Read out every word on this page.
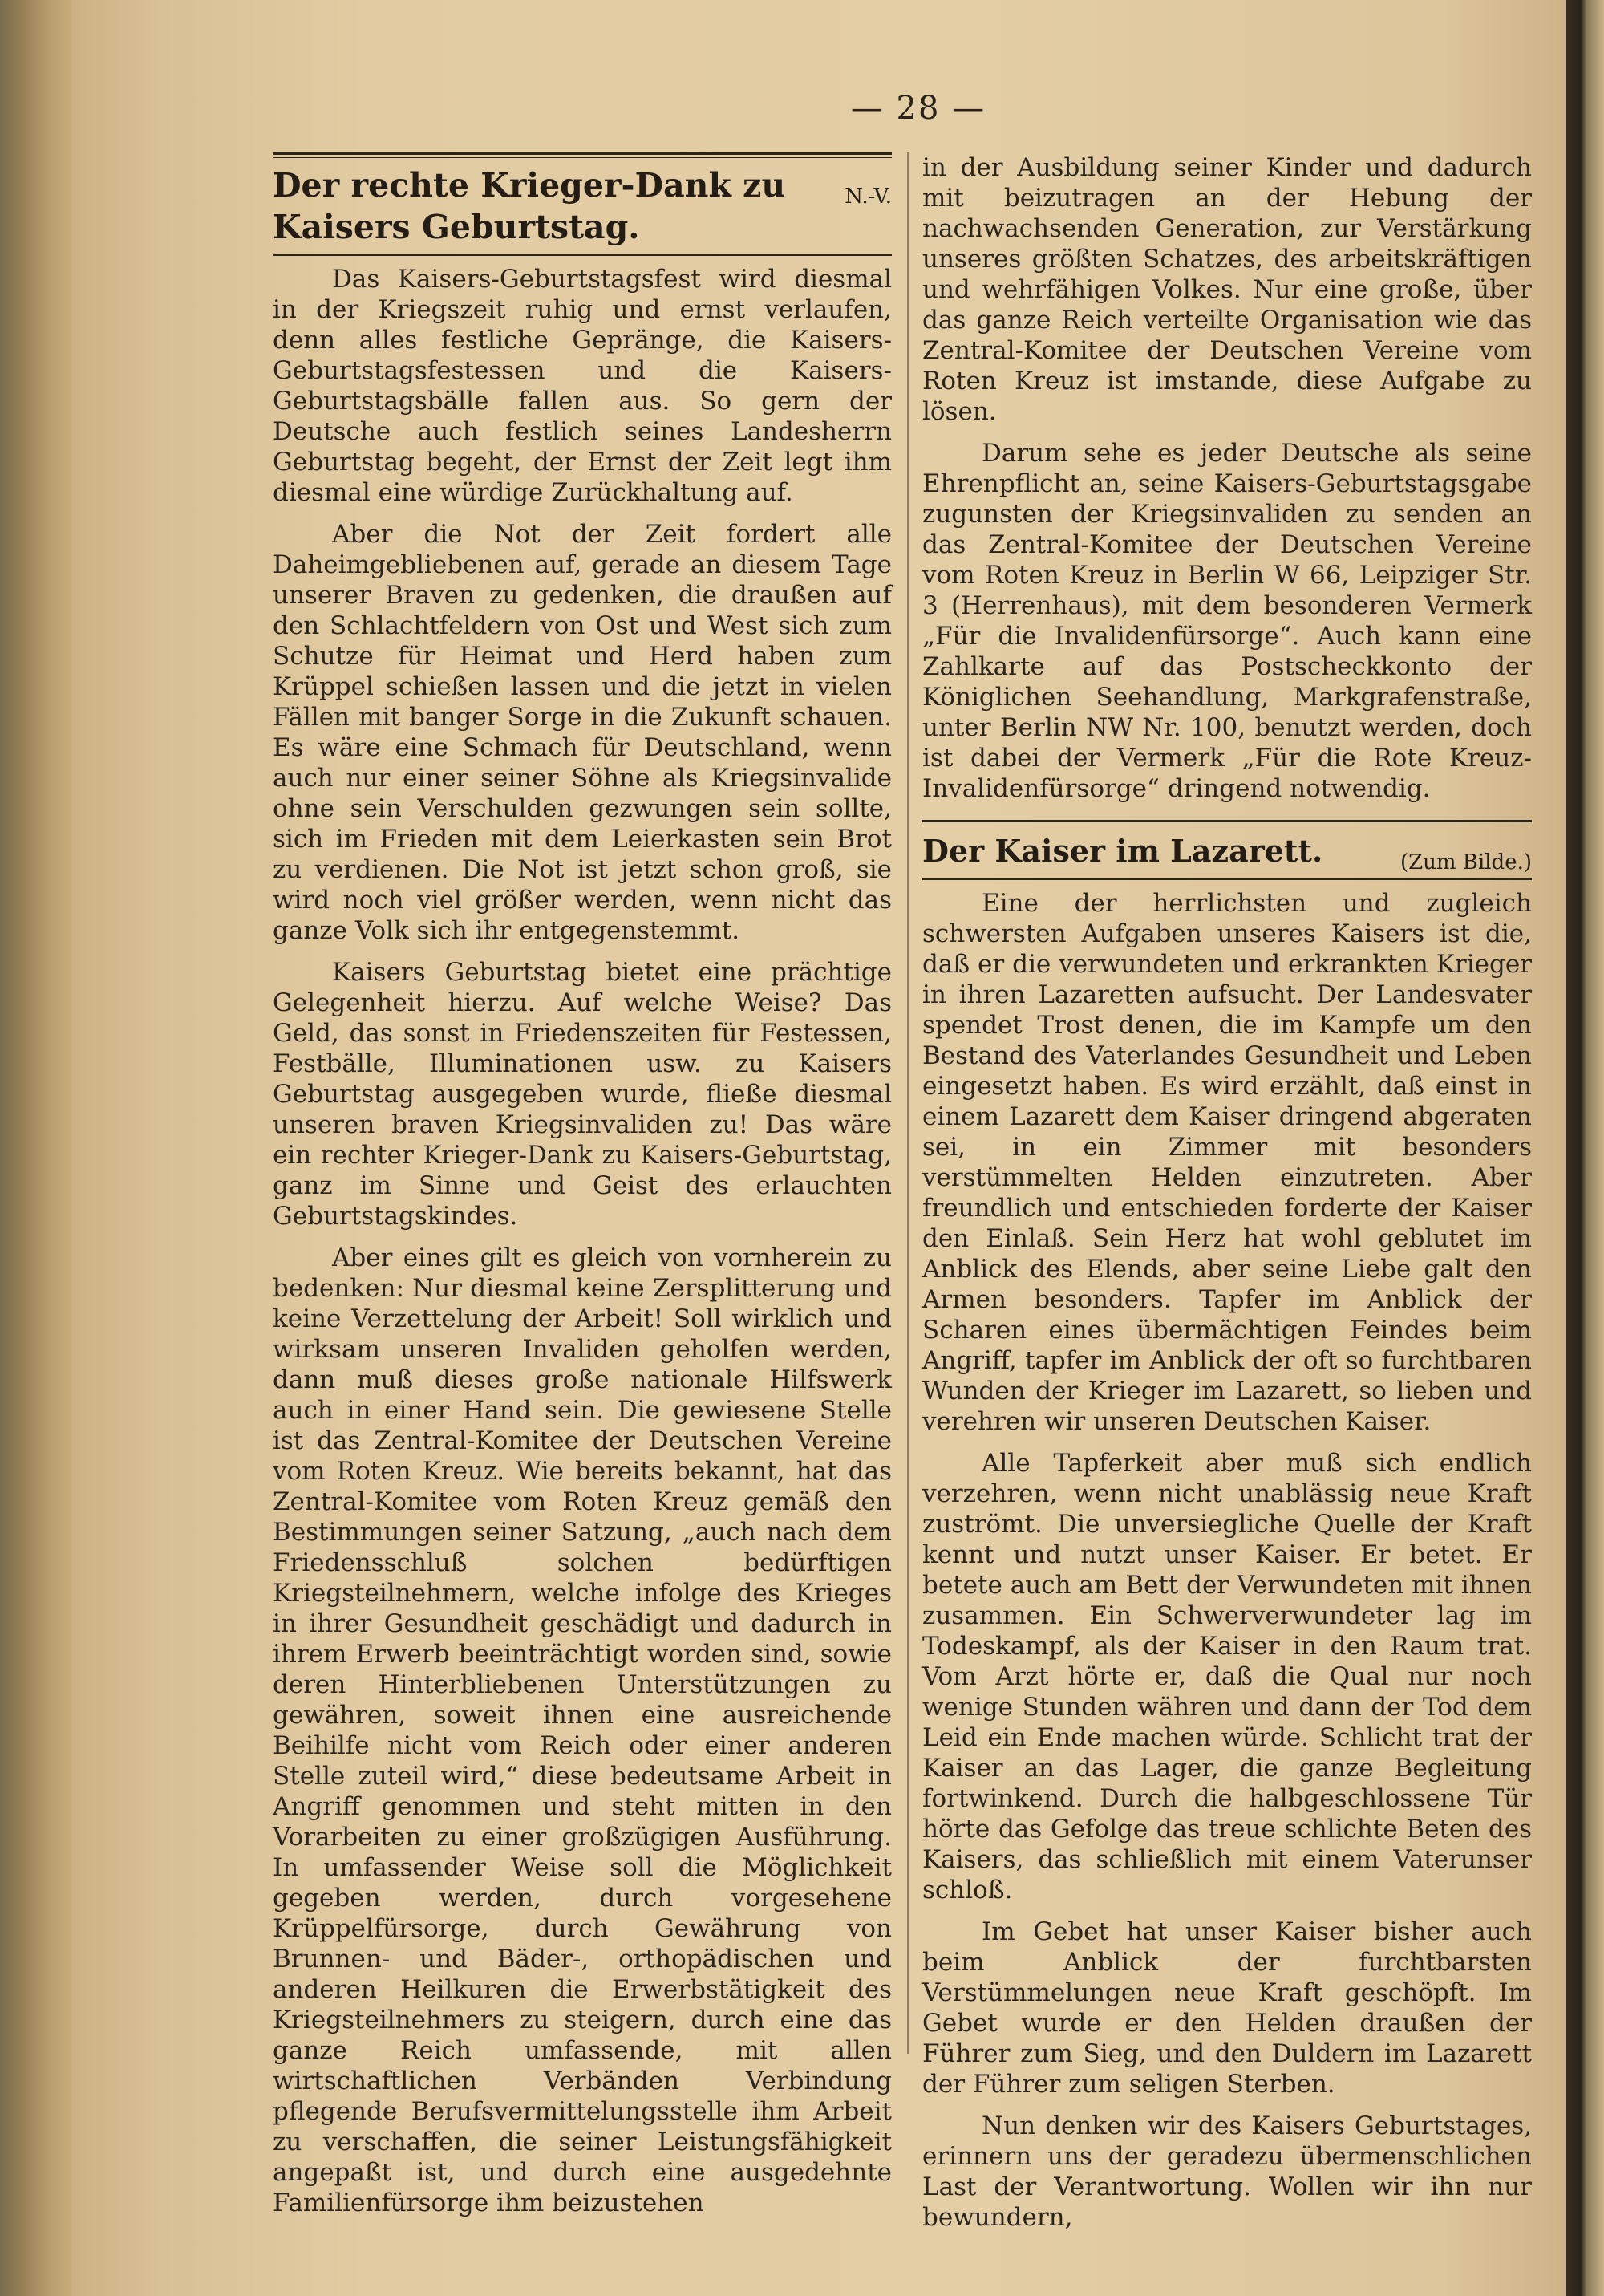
— 28 —
N.-V.
Der rechte Krieger-Dank zu Kaisers Geburtstag.

Das Kaisers-Geburtstagsfest wird diesmal in der Kriegszeit ruhig und ernst verlaufen, denn alles festliche Gepränge, die Kaisers-Geburtstagsfestessen und die Kaisers-Geburtstagsbälle fallen aus. So gern der Deutsche auch festlich seines Landesherrn Geburtstag begeht, der Ernst der Zeit legt ihm diesmal eine würdige Zurückhaltung auf.

Aber die Not der Zeit fordert alle Daheimgebliebenen auf, gerade an diesem Tage unserer Braven zu gedenken, die draußen auf den Schlachtfeldern von Ost und West sich zum Schutze für Heimat und Herd haben zum Krüppel schießen lassen und die jetzt in vielen Fällen mit banger Sorge in die Zukunft schauen. Es wäre eine Schmach für Deutschland, wenn auch nur einer seiner Söhne als Kriegsinvalide ohne sein Verschulden gezwungen sein sollte, sich im Frieden mit dem Leierkasten sein Brot zu verdienen. Die Not ist jetzt schon groß, sie wird noch viel größer werden, wenn nicht das ganze Volk sich ihr entgegenstemmt.

Kaisers Geburtstag bietet eine prächtige Gelegenheit hierzu. Auf welche Weise? Das Geld, das sonst in Friedenszeiten für Festessen, Festbälle, Illuminationen usw. zu Kaisers Geburtstag ausgegeben wurde, fließe diesmal unseren braven Kriegsinvaliden zu! Das wäre ein rechter Krieger-Dank zu Kaisers-Geburtstag, ganz im Sinne und Geist des erlauchten Geburtstagskindes.

Aber eines gilt es gleich von vornherein zu bedenken: Nur diesmal keine Zersplitterung und keine Verzettelung der Arbeit! Soll wirklich und wirksam unseren Invaliden geholfen werden, dann muß dieses große nationale Hilfswerk auch in einer Hand sein. Die gewiesene Stelle ist das Zentral-Komitee der Deutschen Vereine vom Roten Kreuz. Wie bereits bekannt, hat das Zentral-Komitee vom Roten Kreuz gemäß den Bestimmungen seiner Satzung, „auch nach dem Friedensschluß solchen bedürftigen Kriegsteilnehmern, welche infolge des Krieges in ihrer Gesundheit geschädigt und dadurch in ihrem Erwerb beeinträchtigt worden sind, sowie deren Hinterbliebenen Unterstützungen zu gewähren, soweit ihnen eine ausreichende Beihilfe nicht vom Reich oder einer anderen Stelle zuteil wird,“ diese bedeutsame Arbeit in Angriff genommen und steht mitten in den Vorarbeiten zu einer großzügigen Ausführung. In umfassender Weise soll die Möglichkeit gegeben werden, durch vorgesehene Krüppelfürsorge, durch Gewährung von Brunnen- und Bäder-, orthopädischen und anderen Heilkuren die Erwerbstätigkeit des Kriegsteilnehmers zu steigern, durch eine das ganze Reich umfassende, mit allen wirtschaftlichen Verbänden Verbindung pflegende Berufsvermittelungsstelle ihm Arbeit zu verschaffen, die seiner Leistungsfähigkeit angepaßt ist, und durch eine ausgedehnte Familienfürsorge ihm beizustehen

in der Ausbildung seiner Kinder und dadurch mit beizutragen an der Hebung der nachwachsenden Generation, zur Verstärkung unseres größten Schatzes, des arbeitskräftigen und wehrfähigen Volkes. Nur eine große, über das ganze Reich verteilte Organisation wie das Zentral-Komitee der Deutschen Vereine vom Roten Kreuz ist imstande, diese Aufgabe zu lösen.

Darum sehe es jeder Deutsche als seine Ehrenpflicht an, seine Kaisers-Geburtstagsgabe zugunsten der Kriegsinvaliden zu senden an das Zentral-Komitee der Deutschen Vereine vom Roten Kreuz in Berlin W 66, Leipziger Str. 3 (Herrenhaus), mit dem besonderen Vermerk „Für die Invalidenfürsorge“. Auch kann eine Zahlkarte auf das Postscheckkonto der Königlichen Seehandlung, Markgrafenstraße, unter Berlin NW Nr. 100, benutzt werden, doch ist dabei der Vermerk „Für die Rote Kreuz-Invalidenfürsorge“ dringend notwendig.

(Zum Bilde.)
Der Kaiser im Lazarett.

Eine der herrlichsten und zugleich schwersten Aufgaben unseres Kaisers ist die, daß er die verwundeten und erkrankten Krieger in ihren Lazaretten aufsucht. Der Landesvater spendet Trost denen, die im Kampfe um den Bestand des Vaterlandes Gesundheit und Leben eingesetzt haben. Es wird erzählt, daß einst in einem Lazarett dem Kaiser dringend abgeraten sei, in ein Zimmer mit besonders verstümmelten Helden einzutreten. Aber freundlich und entschieden forderte der Kaiser den Einlaß. Sein Herz hat wohl geblutet im Anblick des Elends, aber seine Liebe galt den Armen besonders. Tapfer im Anblick der Scharen eines übermächtigen Feindes beim Angriff, tapfer im Anblick der oft so furchtbaren Wunden der Krieger im Lazarett, so lieben und verehren wir unseren Deutschen Kaiser.

Alle Tapferkeit aber muß sich endlich verzehren, wenn nicht unablässig neue Kraft zuströmt. Die unversiegliche Quelle der Kraft kennt und nutzt unser Kaiser. Er betet. Er betete auch am Bett der Verwundeten mit ihnen zusammen. Ein Schwerverwundeter lag im Todeskampf, als der Kaiser in den Raum trat. Vom Arzt hörte er, daß die Qual nur noch wenige Stunden währen und dann der Tod dem Leid ein Ende machen würde. Schlicht trat der Kaiser an das Lager, die ganze Begleitung fortwinkend. Durch die halbgeschlossene Tür hörte das Gefolge das treue schlichte Beten des Kaisers, das schließlich mit einem Vaterunser schloß.

Im Gebet hat unser Kaiser bisher auch beim Anblick der furchtbarsten Verstümmelungen neue Kraft geschöpft. Im Gebet wurde er den Helden draußen der Führer zum Sieg, und den Duldern im Lazarett der Führer zum seligen Sterben.

Nun denken wir des Kaisers Geburtstages, erinnern uns der geradezu übermenschlichen Last der Verantwortung. Wollen wir ihn nur bewundern,
